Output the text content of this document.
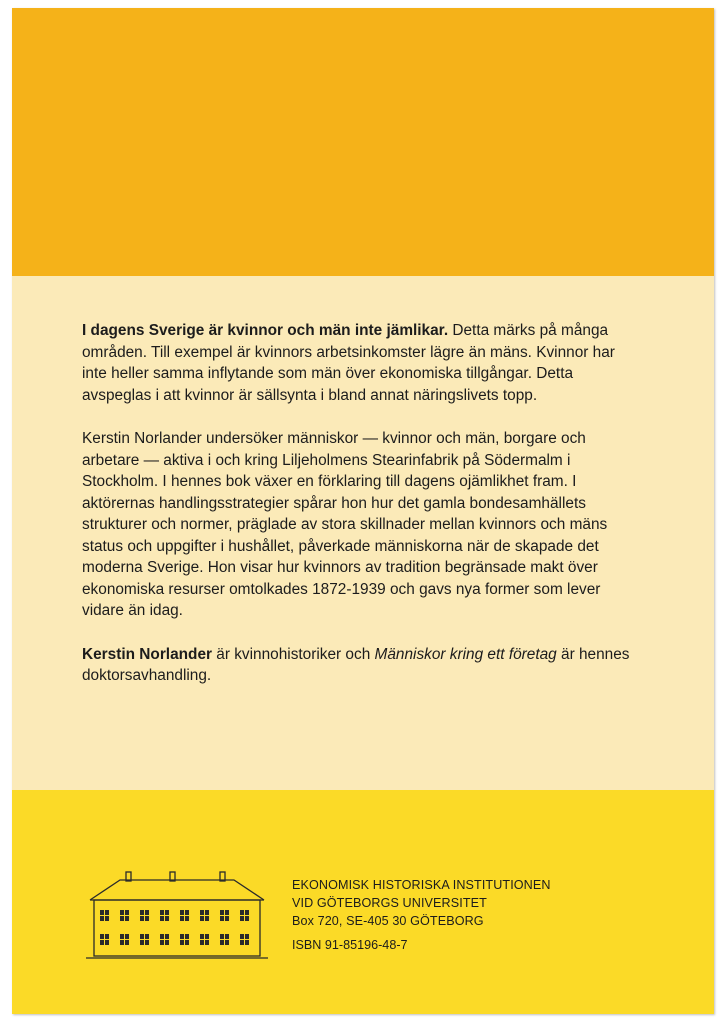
I dagens Sverige är kvinnor och män inte jämlikar. Detta märks på många områden. Till exempel är kvinnors arbetsinkomster lägre än mäns. Kvinnor har inte heller samma inflytande som män över ekonomiska tillgångar. Detta avspeglas i att kvinnor är sällsynta i bland annat näringslivets topp.

Kerstin Norlander undersöker människor — kvinnor och män, borgare och arbetare — aktiva i och kring Liljeholmens Stearinfabrik på Södermalm i Stockholm. I hennes bok växer en förklaring till dagens ojämlikhet fram. I aktörernas handlingsstrategier spårar hon hur det gamla bondesamhällets strukturer och normer, präglade av stora skillnader mellan kvinnors och mäns status och uppgifter i hushållet, påverkade människorna när de skapade det moderna Sverige. Hon visar hur kvinnors av tradition begränsade makt över ekonomiska resurser omtolkades 1872-1939 och gavs nya former som lever vidare än idag.

Kerstin Norlander är kvinnohistoriker och Människor kring ett företag är hennes doktorsavhandling.

EKONOMISK HISTORISKA INSTITUTIONEN
VID GÖTEBORGS UNIVERSITET
Box 720, SE-405 30 GÖTEBORG
ISBN 91-85196-48-7
